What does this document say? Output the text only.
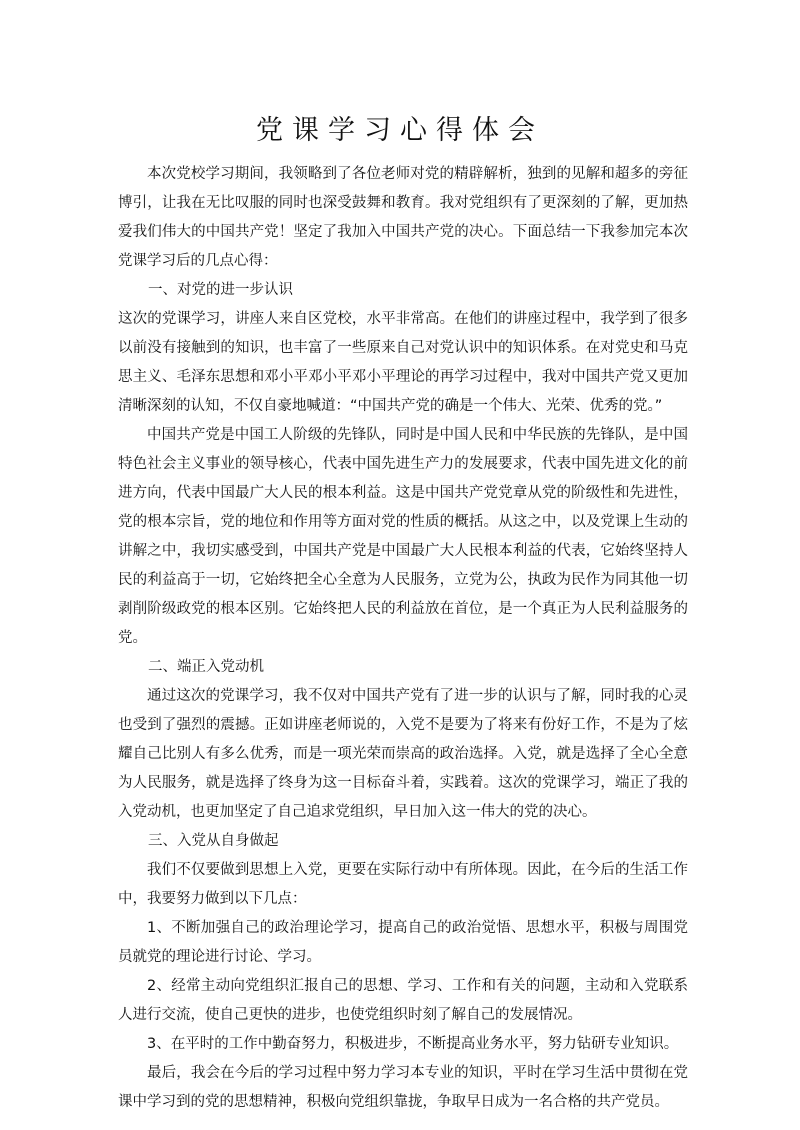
党课学习心得体会

本次党校学习期间，我领略到了各位老师对党的精辟解析，独到的见解和超多的旁征博引，让我在无比叹服的同时也深受鼓舞和教育。我对党组织有了更深刻的了解，更加热爱我们伟大的中国共产党！坚定了我加入中国共产党的决心。下面总结一下我参加完本次党课学习后的几点心得：

一、对党的进一步认识

这次的党课学习，讲座人来自区党校，水平非常高。在他们的讲座过程中，我学到了很多以前没有接触到的知识，也丰富了一些原来自己对党认识中的知识体系。在对党史和马克思主义、毛泽东思想和邓小平邓小平邓小平理论的再学习过程中，我对中国共产党又更加清晰深刻的认知，不仅自豪地喊道：“中国共产党的确是一个伟大、光荣、优秀的党。”

中国共产党是中国工人阶级的先锋队，同时是中国人民和中华民族的先锋队，是中国特色社会主义事业的领导核心，代表中国先进生产力的发展要求，代表中国先进文化的前进方向，代表中国最广大人民的根本利益。这是中国共产党党章从党的阶级性和先进性，党的根本宗旨，党的地位和作用等方面对党的性质的概括。从这之中，以及党课上生动的讲解之中，我切实感受到，中国共产党是中国最广大人民根本利益的代表，它始终坚持人民的利益高于一切，它始终把全心全意为人民服务，立党为公，执政为民作为同其他一切剥削阶级政党的根本区别。它始终把人民的利益放在首位，是一个真正为人民利益服务的党。

二、端正入党动机

通过这次的党课学习，我不仅对中国共产党有了进一步的认识与了解，同时我的心灵也受到了强烈的震撼。正如讲座老师说的，入党不是要为了将来有份好工作，不是为了炫耀自己比别人有多么优秀，而是一项光荣而崇高的政治选择。入党，就是选择了全心全意为人民服务，就是选择了终身为这一目标奋斗着，实践着。这次的党课学习，端正了我的入党动机，也更加坚定了自己追求党组织，早日加入这一伟大的党的决心。

三、入党从自身做起

我们不仅要做到思想上入党，更要在实际行动中有所体现。因此，在今后的生活工作中，我要努力做到以下几点：

1、不断加强自己的政治理论学习，提高自己的政治觉悟、思想水平，积极与周围党员就党的理论进行讨论、学习。

2、经常主动向党组织汇报自己的思想、学习、工作和有关的问题，主动和入党联系人进行交流，使自己更快的进步，也使党组织时刻了解自己的发展情况。

3、在平时的工作中勤奋努力，积极进步，不断提高业务水平，努力钻研专业知识。

最后，我会在今后的学习过程中努力学习本专业的知识，平时在学习生活中贯彻在党课中学习到的党的思想精神，积极向党组织靠拢，争取早日成为一名合格的共产党员。
